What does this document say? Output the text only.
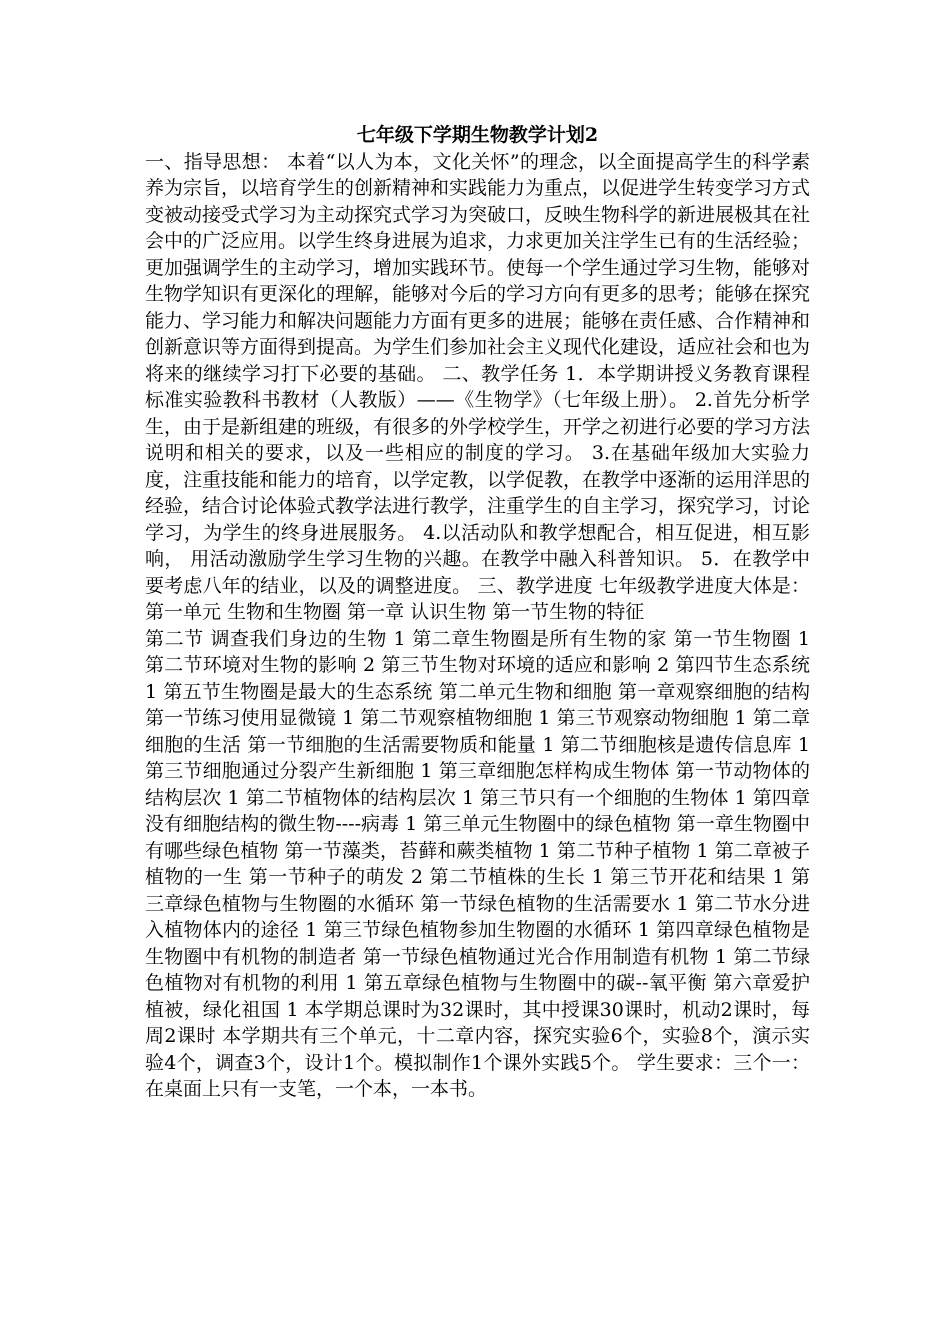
七年级下学期生物教学计划2

一、指导思想： 本着“以人为本，文化关怀”的理念，以全面提高学生的科学素养为宗旨，以培育学生的创新精神和实践能力为重点，以促进学生转变学习方式变被动接受式学习为主动探究式学习为突破口，反映生物科学的新进展极其在社会中的广泛应用。以学生终身进展为追求，力求更加关注学生已有的生活经验；更加强调学生的主动学习，增加实践环节。使每一个学生通过学习生物，能够对生物学知识有更深化的理解，能够对今后的学习方向有更多的思考；能够在探究能力、学习能力和解决问题能力方面有更多的进展；能够在责任感、合作精神和创新意识等方面得到提高。为学生们参加社会主义现代化建设，适应社会和也为将来的继续学习打下必要的基础。 二、教学任务 1．本学期讲授义务教育课程标准实验教科书教材（人教版）——《生物学》（七年级上册）。 2.首先分析学生，由于是新组建的班级，有很多的外学校学生，开学之初进行必要的学习方法说明和相关的要求，以及一些相应的制度的学习。 3.在基础年级加大实验力度，注重技能和能力的培育，以学定教，以学促教，在教学中逐渐的运用洋思的经验，结合讨论体验式教学法进行教学，注重学生的自主学习，探究学习，讨论学习，为学生的终身进展服务。 4.以活动队和教学想配合，相互促进，相互影响， 用活动激励学生学习生物的兴趣。在教学中融入科普知识。 5．在教学中要考虑八年的结业，以及的调整进度。 三、教学进度 七年级教学进度大体是： 第一单元 生物和生物圈 第一章 认识生物 第一节生物的特征

第二节 调查我们身边的生物 1 第二章生物圈是所有生物的家 第一节生物圈 1 第二节环境对生物的影响 2 第三节生物对环境的适应和影响 2 第四节生态系统 1 第五节生物圈是最大的生态系统 第二单元生物和细胞 第一章观察细胞的结构 第一节练习使用显微镜 1 第二节观察植物细胞 1 第三节观察动物细胞 1 第二章细胞的生活 第一节细胞的生活需要物质和能量 1 第二节细胞核是遗传信息库 1 第三节细胞通过分裂产生新细胞 1 第三章细胞怎样构成生物体 第一节动物体的结构层次 1 第二节植物体的结构层次 1 第三节只有一个细胞的生物体 1 第四章没有细胞结构的微生物----病毒 1 第三单元生物圈中的绿色植物 第一章生物圈中有哪些绿色植物 第一节藻类，苔藓和蕨类植物 1 第二节种子植物 1 第二章被子植物的一生 第一节种子的萌发 2 第二节植株的生长 1 第三节开花和结果 1 第三章绿色植物与生物圈的水循环 第一节绿色植物的生活需要水 1 第二节水分进入植物体内的途径 1 第三节绿色植物参加生物圈的水循环 1 第四章绿色植物是生物圈中有机物的制造者 第一节绿色植物通过光合作用制造有机物 1 第二节绿色植物对有机物的利用 1 第五章绿色植物与生物圈中的碳--氧平衡 第六章爱护植被，绿化祖国 1 本学期总课时为32课时，其中授课30课时，机动2课时，每周2课时 本学期共有三个单元，十二章内容，探究实验6个，实验8个，演示实验4个，调查3个，设计1个。模拟制作1个课外实践5个。 学生要求：三个一：在桌面上只有一支笔，一个本，一本书。
